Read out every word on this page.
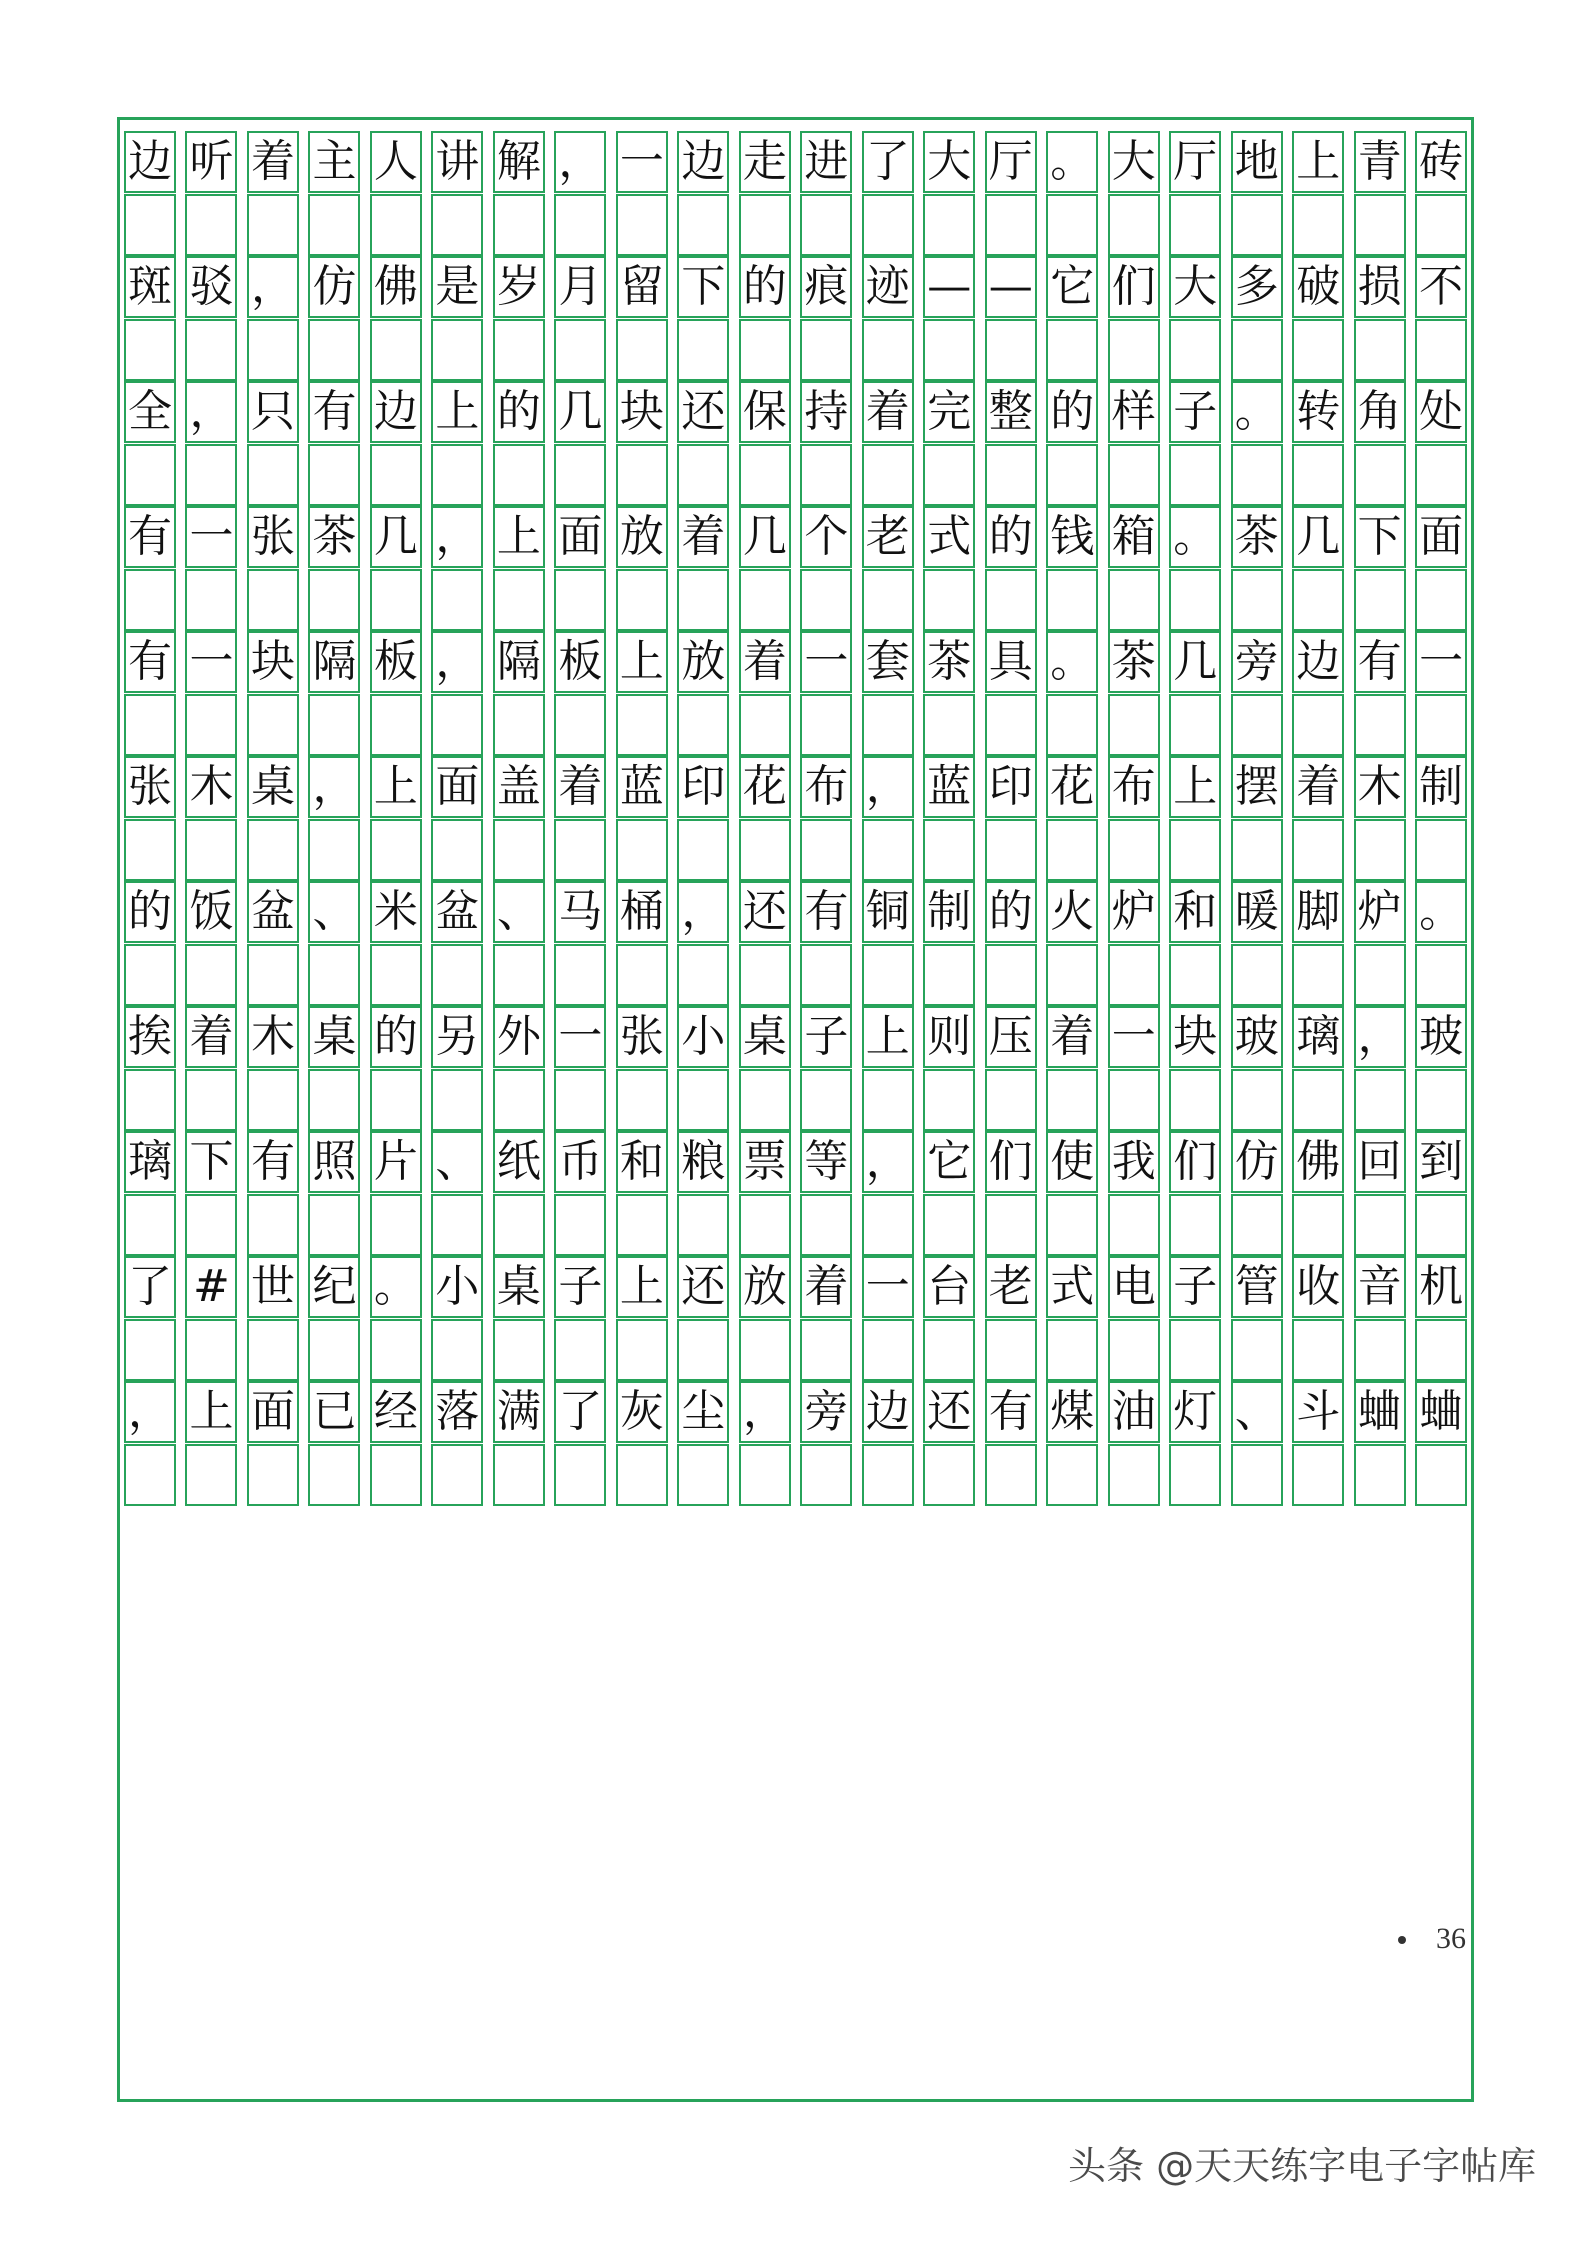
边 听 着 主 人 讲 解 ， 一 边 走 进 了 大 厅 。 大 厅 地 上 青 砖
斑 驳 ， 仿 佛 是 岁 月 留 下 的 痕 迹 — — 它 们 大 多 破 损 不
全 ， 只 有 边 上 的 几 块 还 保 持 着 完 整 的 样 子 。 转 角 处
有 一 张 茶 几 ， 上 面 放 着 几 个 老 式 的 钱 箱 。 茶 几 下 面
有 一 块 隔 板 ， 隔 板 上 放 着 一 套 茶 具 。 茶 几 旁 边 有 一
张 木 桌 ， 上 面 盖 着 蓝 印 花 布 ， 蓝 印 花 布 上 摆 着 木 制
的 饭 盆 、 米 盆 、 马 桶 ， 还 有 铜 制 的 火 炉 和 暖 脚 炉 。
挨 着 木 桌 的 另 外 一 张 小 桌 子 上 则 压 着 一 块 玻 璃 ， 玻
璃 下 有 照 片 、 纸 币 和 粮 票 等 ， 它 们 使 我 们 仿 佛 回 到
了 # 世 纪 。 小 桌 子 上 还 放 着 一 台 老 式 电 子 管 收 音 机
， 上 面 已 经 落 满 了 灰 尘 ， 旁 边 还 有 煤 油 灯 、 斗 蛐 蛐
36
头条 @天天练字电子字帖库
